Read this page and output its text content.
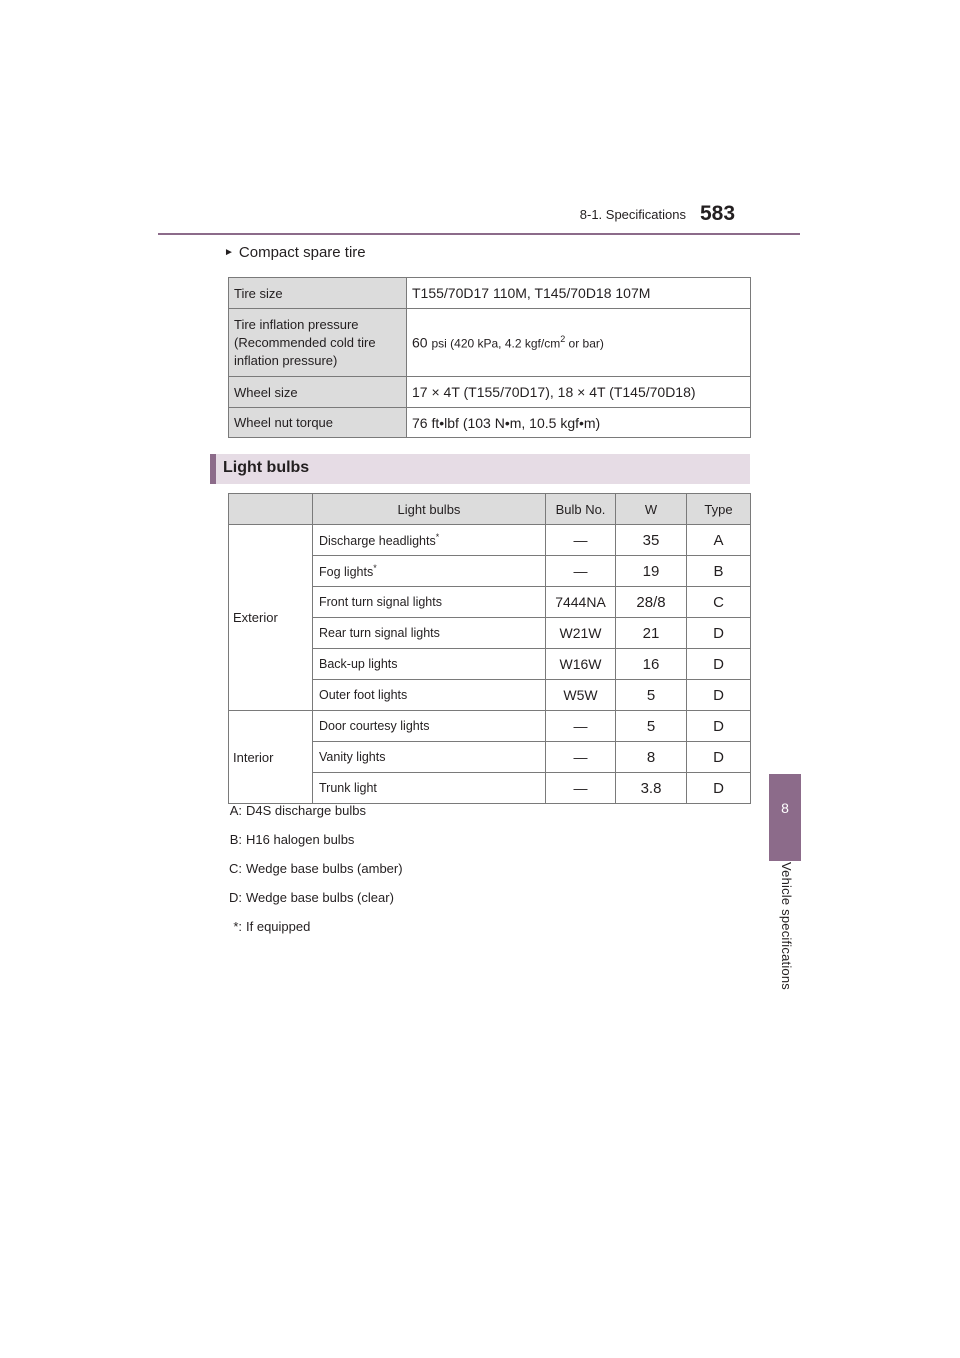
8-1. Specifications 583
8
Vehicle specifications
► Compact spare tire
Tire size	T155/70D17 110M, T145/70D18 107M
Tire inflation pressure (Recommended cold tire inflation pressure)	60 psi (420 kPa, 4.2 kgf/$cm^2$ or bar)
Wheel size	17 × 4T (T155/70D17), 18 × 4T (T145/70D18)
Wheel nut torque	76 ft•lbf (103 N•m, 10.5 kgf•m)
Light bulbs
	Light bulbs	Bulb No.	W	Type
Exterior	Discharge headlights*	—	35	A
	Fog lights*	—	19	B
	Front turn signal lights	7444NA	28/8	C
	Rear turn signal lights	W21W	21	D
	Back-up lights	W16W	16	D
	Outer foot lights	W5W	5	D
Interior	Door courtesy lights	—	5	D
	Vanity lights	—	8	D
	Trunk light	—	3.8	D
A: D4S discharge bulbs
B: H16 halogen bulbs
C: Wedge base bulbs (amber)
D: Wedge base bulbs (clear)
*: If equipped
